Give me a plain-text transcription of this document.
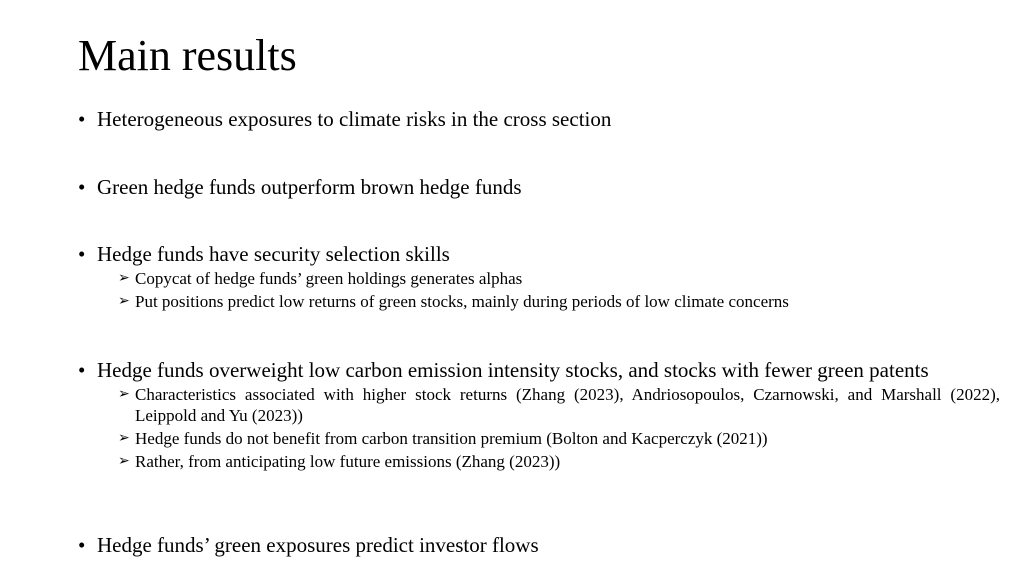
Main results
• Heterogeneous exposures to climate risks in the cross section
• Green hedge funds outperform brown hedge funds
• Hedge funds have security selection skills
➢ Copycat of hedge funds’ green holdings generates alphas
➢ Put positions predict low returns of green stocks, mainly during periods of low climate concerns
• Hedge funds overweight low carbon emission intensity stocks, and stocks with fewer green patents
➢ Characteristics associated with higher stock returns (Zhang (2023), Andriosopoulos, Czarnowski, and Marshall (2022), Leippold and Yu (2023))
➢ Hedge funds do not benefit from carbon transition premium (Bolton and Kacperczyk (2021))
➢ Rather, from anticipating low future emissions (Zhang (2023))
• Hedge funds’ green exposures predict investor flows
